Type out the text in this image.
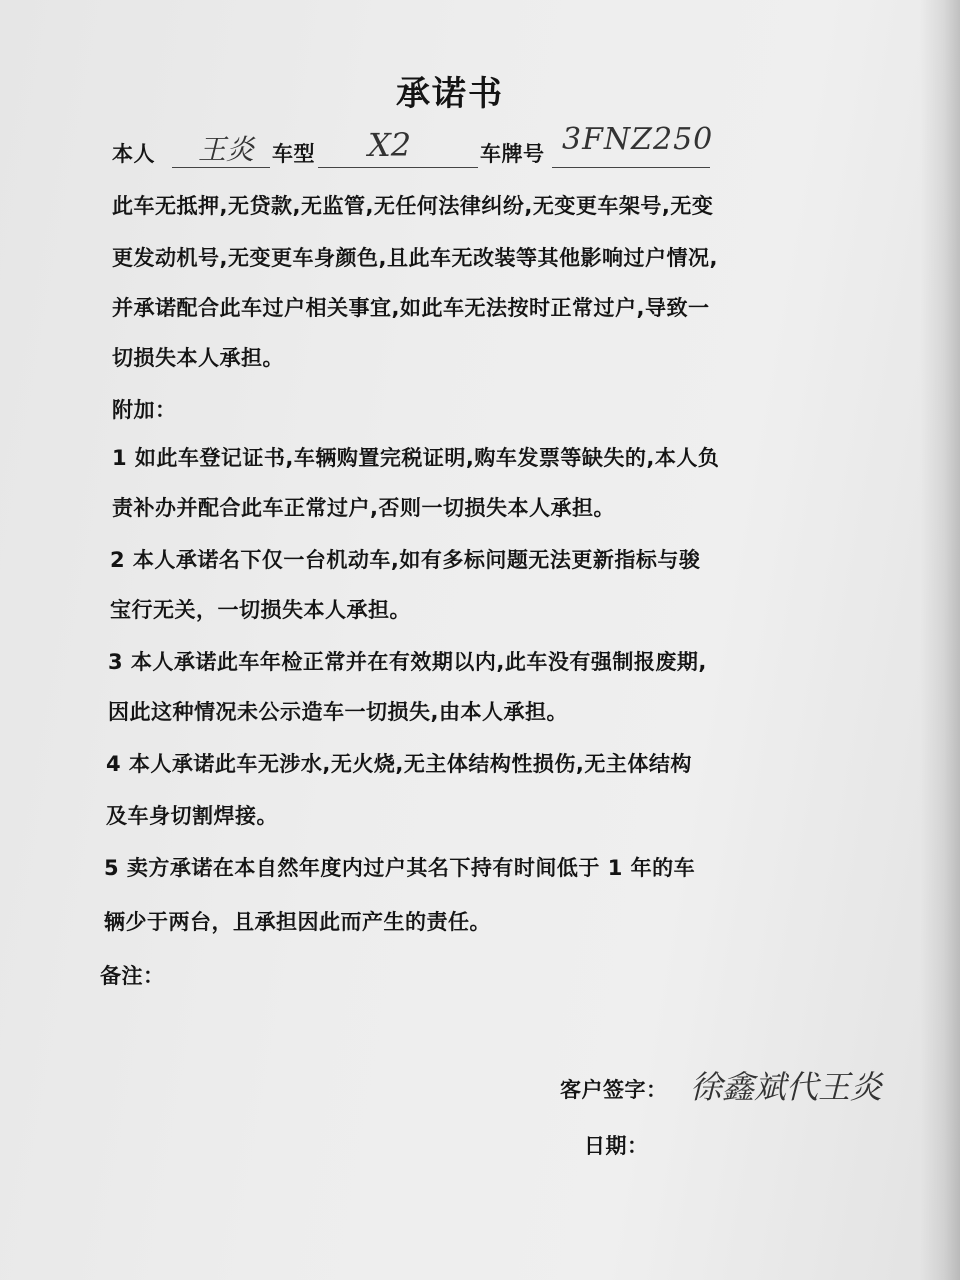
承诺书
本人 王炎 车型 X2	车牌号 3FNZ250
此车无抵押,无贷款,无监管,无任何法律纠纷,无变更车架号,无变
更发动机号,无变更车身颜色,且此车无改装等其他影响过户情况,
并承诺配合此车过户相关事宜,如此车无法按时正常过户,导致一
切损失本人承担。
附加：
1 如此车登记证书,车辆购置完税证明,购车发票等缺失的,本人负
责补办并配合此车正常过户,否则一切损失本人承担。
2 本人承诺名下仅一台机动车,如有多标问题无法更新指标与骏
宝行无关，一切损失本人承担。
3 本人承诺此车年检正常并在有效期以内,此车没有强制报废期,
因此这种情况未公示造车一切损失,由本人承担。
4 本人承诺此车无涉水,无火烧,无主体结构性损伤,无主体结构
及车身切割焊接。
5 卖方承诺在本自然年度内过户其名下持有时间低于 1 年的车
辆少于两台，且承担因此而产生的责任。
备注：
客户签字： 徐鑫斌代王炎
日期：
